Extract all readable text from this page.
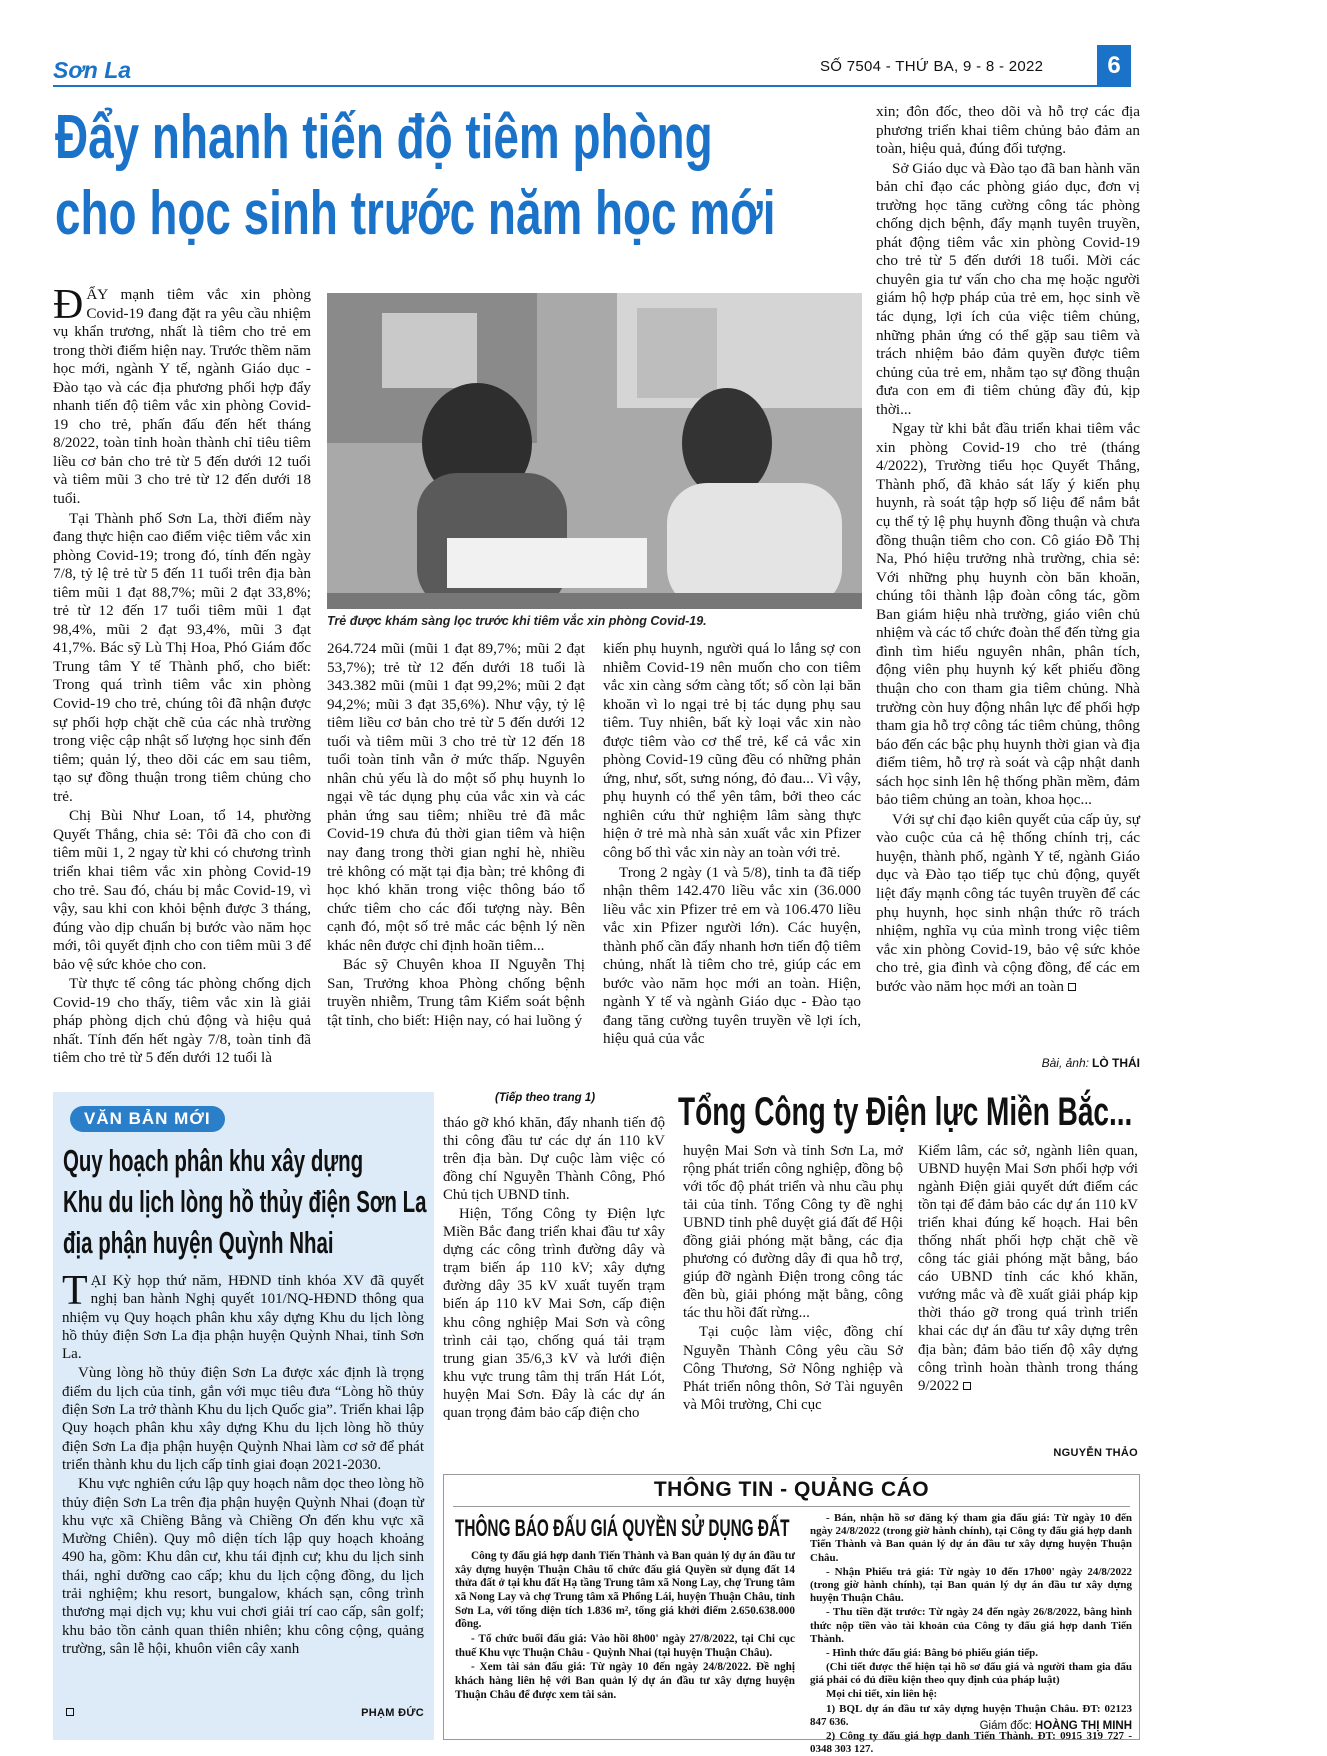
Sơn La	SỐ 7504 - THỨ BA, 9 - 8 - 2022	6
Đẩy nhanh tiến độ tiêm phòng
cho học sinh trước năm học mới

ĐẨY mạnh tiêm vắc xin phòng Covid-19 đang đặt ra yêu cầu nhiệm vụ khẩn trương, nhất là tiêm cho trẻ em trong thời điểm hiện nay. Trước thềm năm học mới, ngành Y tế, ngành Giáo dục - Đào tạo và các địa phương phối hợp đẩy nhanh tiến độ tiêm vắc xin phòng Covid-19 cho trẻ, phấn đấu đến hết tháng 8/2022, toàn tỉnh hoàn thành chỉ tiêu tiêm liều cơ bản cho trẻ từ 5 đến dưới 12 tuổi và tiêm mũi 3 cho trẻ từ 12 đến dưới 18 tuổi.

Tại Thành phố Sơn La, thời điểm này đang thực hiện cao điểm việc tiêm vắc xin phòng Covid-19; trong đó, tính đến ngày 7/8, tỷ lệ trẻ từ 5 đến 11 tuổi trên địa bàn tiêm mũi 1 đạt 88,7%; mũi 2 đạt 33,8%; trẻ từ 12 đến 17 tuổi tiêm mũi 1 đạt 98,4%, mũi 2 đạt 93,4%, mũi 3 đạt 41,7%. Bác sỹ Lù Thị Hoa, Phó Giám đốc Trung tâm Y tế Thành phố, cho biết: Trong quá trình tiêm vắc xin phòng Covid-19 cho trẻ, chúng tôi đã nhận được sự phối hợp chặt chẽ của các nhà trường trong việc cập nhật số lượng học sinh đến tiêm; quản lý, theo dõi các em sau tiêm, tạo sự đồng thuận trong tiêm chủng cho trẻ.

Chị Bùi Như Loan, tổ 14, phường Quyết Thắng, chia sẻ: Tôi đã cho con đi tiêm mũi 1, 2 ngay từ khi có chương trình triển khai tiêm vắc xin phòng Covid-19 cho trẻ. Sau đó, cháu bị mắc Covid-19, vì vậy, sau khi con khỏi bệnh được 3 tháng, đúng vào dịp chuẩn bị bước vào năm học mới, tôi quyết định cho con tiêm mũi 3 để bảo vệ sức khỏe cho con.

Từ thực tế công tác phòng chống dịch Covid-19 cho thấy, tiêm vắc xin là giải pháp phòng dịch chủ động và hiệu quả nhất. Tính đến hết ngày 7/8, toàn tỉnh đã tiêm cho trẻ từ 5 đến dưới 12 tuổi là

Trẻ được khám sàng lọc trước khi tiêm vắc xin phòng Covid-19.

264.724 mũi (mũi 1 đạt 89,7%; mũi 2 đạt 53,7%); trẻ từ 12 đến dưới 18 tuổi là 343.382 mũi (mũi 1 đạt 99,2%; mũi 2 đạt 94,2%; mũi 3 đạt 35,6%). Như vậy, tỷ lệ tiêm liều cơ bản cho trẻ từ 5 đến dưới 12 tuổi và tiêm mũi 3 cho trẻ từ 12 đến 18 tuổi toàn tỉnh vẫn ở mức thấp. Nguyên nhân chủ yếu là do một số phụ huynh lo ngại về tác dụng phụ của vắc xin và các phản ứng sau tiêm; nhiều trẻ đã mắc Covid-19 chưa đủ thời gian tiêm và hiện nay đang trong thời gian nghỉ hè, nhiều trẻ không có mặt tại địa bàn; trẻ không đi học khó khăn trong việc thông báo tổ chức tiêm cho các đối tượng này. Bên cạnh đó, một số trẻ mắc các bệnh lý nền khác nên được chỉ định hoãn tiêm...

Bác sỹ Chuyên khoa II Nguyễn Thị San, Trưởng khoa Phòng chống bệnh truyền nhiễm, Trung tâm Kiểm soát bệnh tật tỉnh, cho biết: Hiện nay, có hai luồng ý

kiến phụ huynh, người quá lo lắng sợ con nhiễm Covid-19 nên muốn cho con tiêm vắc xin càng sớm càng tốt; số còn lại băn khoăn vì lo ngại trẻ bị tác dụng phụ sau tiêm. Tuy nhiên, bất kỳ loại vắc xin nào được tiêm vào cơ thể trẻ, kể cả vắc xin phòng Covid-19 cũng đều có những phản ứng, như, sốt, sưng nóng, đỏ đau... Vì vậy, phụ huynh có thể yên tâm, bởi theo các nghiên cứu thử nghiệm lâm sàng thực hiện ở trẻ mà nhà sản xuất vắc xin Pfizer công bố thì vắc xin này an toàn với trẻ.

Trong 2 ngày (1 và 5/8), tỉnh ta đã tiếp nhận thêm 142.470 liều vắc xin (36.000 liều vắc xin Pfizer trẻ em và 106.470 liều vắc xin Pfizer người lớn). Các huyện, thành phố cần đẩy nhanh hơn tiến độ tiêm chủng, nhất là tiêm cho trẻ, giúp các em bước vào năm học mới an toàn. Hiện, ngành Y tế và ngành Giáo dục - Đào tạo đang tăng cường tuyên truyền về lợi ích, hiệu quả của vắc

xin; đôn đốc, theo dõi và hỗ trợ các địa phương triển khai tiêm chủng bảo đảm an toàn, hiệu quả, đúng đối tượng.

Sở Giáo dục và Đào tạo đã ban hành văn bản chỉ đạo các phòng giáo dục, đơn vị trường học tăng cường công tác phòng chống dịch bệnh, đẩy mạnh tuyên truyền, phát động tiêm vắc xin phòng Covid-19 cho trẻ từ 5 đến dưới 18 tuổi. Mời các chuyên gia tư vấn cho cha mẹ hoặc người giám hộ hợp pháp của trẻ em, học sinh về tác dụng, lợi ích của việc tiêm chủng, những phản ứng có thể gặp sau tiêm và trách nhiệm bảo đảm quyền được tiêm chủng của trẻ em, nhằm tạo sự đồng thuận đưa con em đi tiêm chủng đầy đủ, kịp thời...

Ngay từ khi bắt đầu triển khai tiêm vắc xin phòng Covid-19 cho trẻ (tháng 4/2022), Trường tiểu học Quyết Thắng, Thành phố, đã khảo sát lấy ý kiến phụ huynh, rà soát tập hợp số liệu để nắm bắt cụ thể tỷ lệ phụ huynh đồng thuận và chưa đồng thuận tiêm cho con. Cô giáo Đỗ Thị Na, Phó hiệu trưởng nhà trường, chia sẻ: Với những phụ huynh còn băn khoăn, chúng tôi thành lập đoàn công tác, gồm Ban giám hiệu nhà trường, giáo viên chủ nhiệm và các tổ chức đoàn thể đến từng gia đình tìm hiểu nguyên nhân, phân tích, động viên phụ huynh ký kết phiếu đồng thuận cho con tham gia tiêm chủng. Nhà trường còn huy động nhân lực để phối hợp tham gia hỗ trợ công tác tiêm chủng, thông báo đến các bậc phụ huynh thời gian và địa điểm tiêm, hỗ trợ rà soát và cập nhật danh sách học sinh lên hệ thống phần mềm, đảm bảo tiêm chủng an toàn, khoa học...

Với sự chỉ đạo kiên quyết của cấp ủy, sự vào cuộc của cả hệ thống chính trị, các huyện, thành phố, ngành Y tế, ngành Giáo dục và Đào tạo tiếp tục chủ động, quyết liệt đẩy mạnh công tác tuyên truyền để các phụ huynh, học sinh nhận thức rõ trách nhiệm, nghĩa vụ của mình trong việc tiêm vắc xin phòng Covid-19, bảo vệ sức khỏe cho trẻ, gia đình và cộng đồng, để các em bước vào năm học mới an toàn

Bài, ảnh: LÒ THÁI
VĂN BẢN MỚI
Quy hoạch phân khu xây dựng
Khu du lịch lòng hồ thủy điện Sơn La
địa phận huyện Quỳnh Nhai

TẠI Kỳ họp thứ năm, HĐND tỉnh khóa XV đã quyết nghị ban hành Nghị quyết 101/NQ-HĐND thông qua nhiệm vụ Quy hoạch phân khu xây dựng Khu du lịch lòng hồ thủy điện Sơn La địa phận huyện Quỳnh Nhai, tỉnh Sơn La.

Vùng lòng hồ thủy điện Sơn La được xác định là trọng điểm du lịch của tỉnh, gắn với mục tiêu đưa “Lòng hồ thủy điện Sơn La trở thành Khu du lịch Quốc gia”. Triển khai lập Quy hoạch phân khu xây dựng Khu du lịch lòng hồ thủy điện Sơn La địa phận huyện Quỳnh Nhai làm cơ sở để phát triển thành khu du lịch cấp tỉnh giai đoạn 2021-2030.

Khu vực nghiên cứu lập quy hoạch nằm dọc theo lòng hồ thủy điện Sơn La trên địa phận huyện Quỳnh Nhai (đoạn từ khu vực xã Chiềng Bằng và Chiềng Ơn đến khu vực xã Mường Chiên). Quy mô diện tích lập quy hoạch khoảng 490 ha, gồm: Khu dân cư, khu tái định cư; khu du lịch sinh thái, nghỉ dưỡng cao cấp; khu du lịch cộng đồng, du lịch trải nghiệm; khu resort, bungalow, khách sạn, công trình thương mại dịch vụ; khu vui chơi giải trí cao cấp, sân golf; khu bảo tồn cảnh quan thiên nhiên; khu công cộng, quảng trường, sân lễ hội, khuôn viên cây xanh

PHẠM ĐỨC
(Tiếp theo trang 1) Tổng Công ty Điện lực Miền Bắc...

tháo gỡ khó khăn, đẩy nhanh tiến độ thi công đầu tư các dự án 110 kV trên địa bàn. Dự cuộc làm việc có đồng chí Nguyễn Thành Công, Phó Chủ tịch UBND tỉnh.

Hiện, Tổng Công ty Điện lực Miền Bắc đang triển khai đầu tư xây dựng các công trình đường dây và trạm biến áp 110 kV; xây dựng đường dây 35 kV xuất tuyến trạm biến áp 110 kV Mai Sơn, cấp điện khu công nghiệp Mai Sơn và công trình cải tạo, chống quá tải trạm trung gian 35/6,3 kV và lưới điện khu vực trung tâm thị trấn Hát Lót, huyện Mai Sơn. Đây là các dự án quan trọng đảm bảo cấp điện cho

huyện Mai Sơn và tỉnh Sơn La, mở rộng phát triển công nghiệp, đồng bộ với tốc độ phát triển và nhu cầu phụ tải của tỉnh. Tổng Công ty đề nghị UBND tỉnh phê duyệt giá đất để Hội đồng giải phóng mặt bằng, các địa phương có đường dây đi qua hỗ trợ, giúp đỡ ngành Điện trong công tác đền bù, giải phóng mặt bằng, công tác thu hồi đất rừng...

Tại cuộc làm việc, đồng chí Nguyễn Thành Công yêu cầu Sở Công Thương, Sở Nông nghiệp và Phát triển nông thôn, Sở Tài nguyên và Môi trường, Chi cục

Kiểm lâm, các sở, ngành liên quan, UBND huyện Mai Sơn phối hợp với ngành Điện giải quyết dứt điểm các tồn tại để đảm bảo các dự án 110 kV triển khai đúng kế hoạch. Hai bên thống nhất phối hợp chặt chẽ về công tác giải phóng mặt bằng, báo cáo UBND tỉnh các khó khăn, vướng mắc và đề xuất giải pháp kịp thời tháo gỡ trong quá trình triển khai các dự án đầu tư xây dựng trên địa bàn; đảm bảo tiến độ xây dựng công trình hoàn thành trong tháng 9/2022

NGUYỄN THẢO
THÔNG TIN - QUẢNG CÁO
THÔNG BÁO ĐẤU GIÁ QUYỀN SỬ DỤNG ĐẤT

Công ty đấu giá hợp danh Tiến Thành và Ban quản lý dự án đầu tư xây dựng huyện Thuận Châu tổ chức đấu giá Quyền sử dụng đất 14 thửa đất ở tại khu đất Hạ tầng Trung tâm xã Nong Lay, chợ Trung tâm xã Nong Lay và chợ Trung tâm xã Phổng Lái, huyện Thuận Châu, tỉnh Sơn La, với tổng diện tích 1.836 m², tổng giá khởi điểm 2.650.638.000 đồng.

- Tổ chức buổi đấu giá: Vào hồi 8h00' ngày 27/8/2022, tại Chi cục thuế Khu vực Thuận Châu - Quỳnh Nhai (tại huyện Thuận Châu).

- Xem tài sản đấu giá: Từ ngày 10 đến ngày 24/8/2022. Đề nghị khách hàng liên hệ với Ban quản lý dự án đầu tư xây dựng huyện Thuận Châu để được xem tài sản.

- Bán, nhận hồ sơ đăng ký tham gia đấu giá: Từ ngày 10 đến ngày 24/8/2022 (trong giờ hành chính), tại Công ty đấu giá hợp danh Tiến Thành và Ban quản lý dự án đầu tư xây dựng huyện Thuận Châu.

- Nhận Phiếu trả giá: Từ ngày 10 đến 17h00' ngày 24/8/2022 (trong giờ hành chính), tại Ban quản lý dự án đầu tư xây dựng huyện Thuận Châu.

- Thu tiền đặt trước: Từ ngày 24 đến ngày 26/8/2022, bằng hình thức nộp tiền vào tài khoản của Công ty đấu giá hợp danh Tiến Thành.

- Hình thức đấu giá: Bằng bỏ phiếu gián tiếp.

(Chi tiết được thể hiện tại hồ sơ đấu giá và người tham gia đấu giá phải có đủ điều kiện theo quy định của pháp luật)

Mọi chi tiết, xin liên hệ:

1) BQL dự án đầu tư xây dựng huyện Thuận Châu. ĐT: 02123 847 636.

2) Công ty đấu giá hợp danh Tiến Thành. ĐT: 0915 319 727 - 0348 303 127.

Giám đốc: HOÀNG THỊ MINH
